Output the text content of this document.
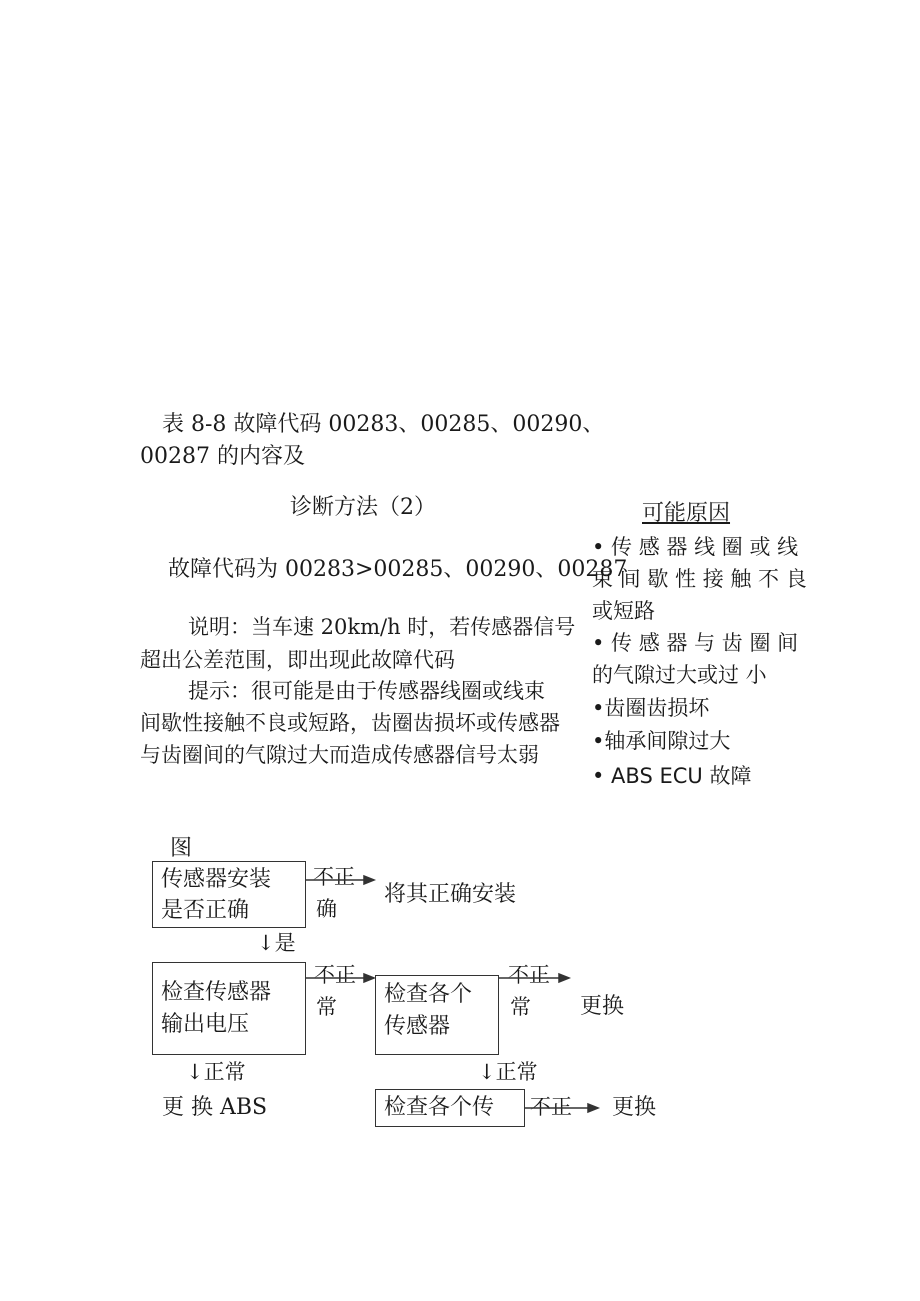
表 8-8 故障代码 00283、00285、00290、
00287 的内容及
诊断方法（2）
故障代码为 00283>00285、00290、00287
说明：当车速 20km/h 时，若传感器信号
超出公差范围，即出现此故障代码
提示：很可能是由于传感器线圈或线束
间歇性接触不良或短路，齿圈齿损坏或传感器
与齿圈间的气隙过大而造成传感器信号太弱
可能原因
• 传 感 器 线 圈 或 线
束 间 歇 性 接 触 不 良
或短路
• 传 感 器 与 齿 圈 间
的气隙过大或过 小
•齿圈齿损坏
•轴承间隙过大
• ABS ECU 故障
图
传感器安装
是否正确
不正
确
将其正确安装
↓是
检查传感器
输出电压
不正
常 检查各个
传感器
不正
常 更换
↓正常
更 换 ABS
↓正常
检查各个传 不正 更换
